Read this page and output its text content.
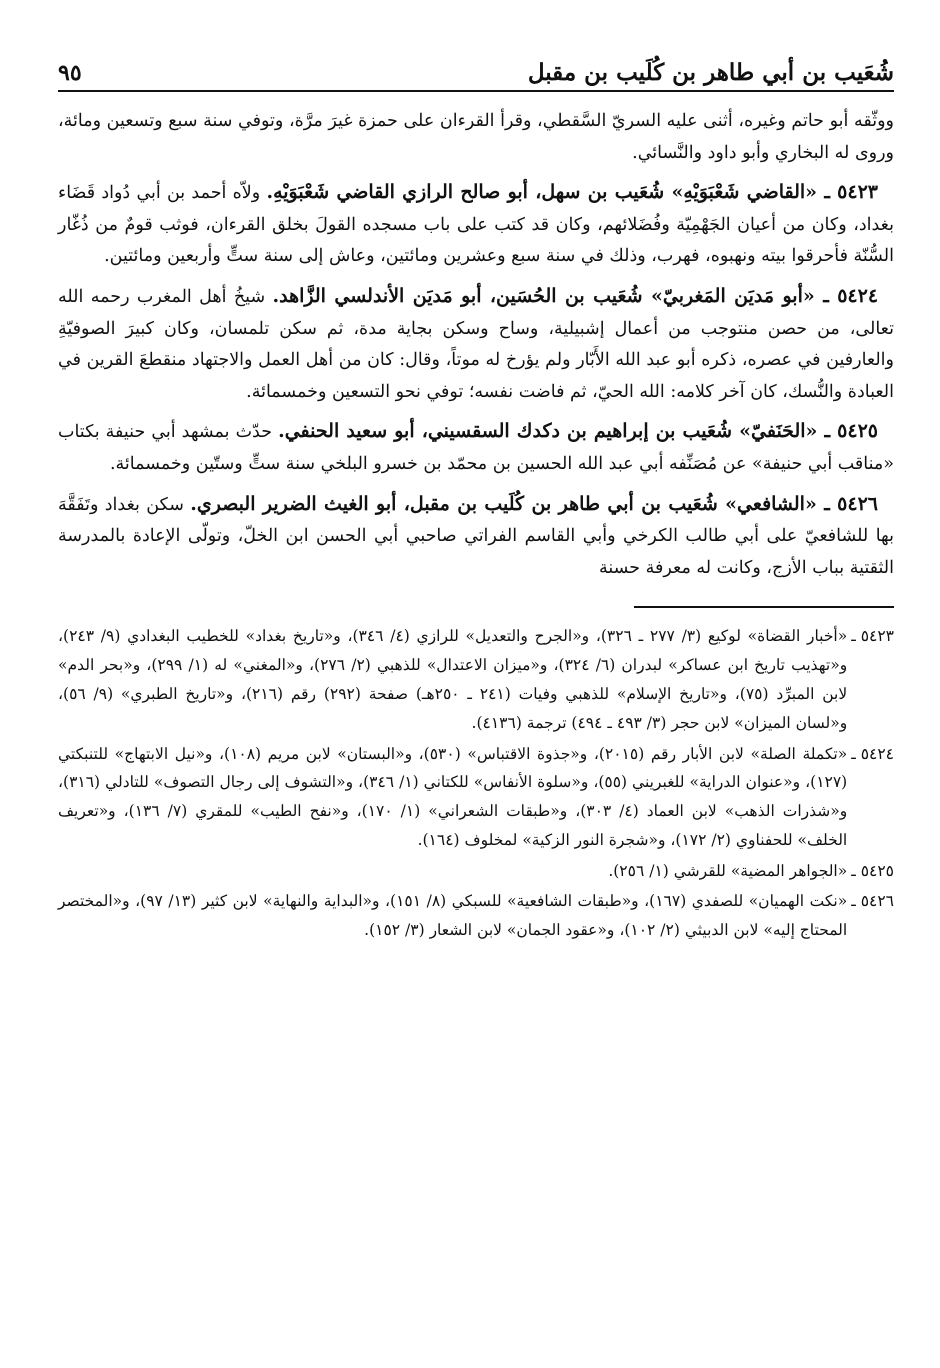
شُعَيب بن أبي طاهر بن كُلَيب بن مقبل
٩٥

ووثّقه أبو حاتم وغيره، أثنى عليه السريّ السَّقطي، وقرأ القرءان على حمزة غيرَ مرَّة، وتوفي سنة سبع وتسعين ومائة، وروى له البخاري وأبو داود والنَّسائي.

٥٤٢٣ ـ «القاضي شَعْبَوَيْهِ» شُعَيب بن سهل، أبو صالح الرازي القاضي شَعْبَوَيْهِ. ولاّه أحمد بن أبي دُواد قَضَاء بغداد، وكان من أعيان الجَهْمِيّة وفُضَلائهم، وكان قد كتب على باب مسجده القولَ بخلق القرءان، فوثب قومٌ من ذُغّار السُّنّة فأحرقوا بيته ونهبوه، فهرب، وذلك في سنة سبع وعشرين ومائتين، وعاش إلى سنة ستٍّ وأربعين ومائتين.

٥٤٢٤ ـ «أبو مَديَن المَغربيّ» شُعَيب بن الحُسَين، أبو مَديَن الأندلسي الزَّاهد. شيخُ أهل المغرب رحمه الله تعالى، من حصن منتوجب من أعمال إشبيلية، وساح وسكن بجاية مدة، ثم سكن تلمسان، وكان كبيرَ الصوفيّةِ والعارفين في عصره، ذكره أبو عبد الله الأَبّار ولم يؤرخ له موتاً، وقال: كان من أهل العمل والاجتهاد منقطعَ القرين في العبادة والنُّسك، كان آخر كلامه: الله الحيّ، ثم فاضت نفسه؛ توفي نحو التسعين وخمسمائة.

٥٤٢٥ ـ «الحَنَفيّ» شُعَيب بن إبراهيم بن دكدك السقسيني، أبو سعيد الحنفي. حدّث بمشهد أبي حنيفة بكتاب «مناقب أبي حنيفة» عن مُصَنِّفه أبي عبد الله الحسين بن محمّد بن خسرو البلخي سنة ستٍّ وستّين وخمسمائة.

٥٤٢٦ ـ «الشافعي» شُعَيب بن أبي طاهر بن كُلَيب بن مقبل، أبو الغيث الضرير البصري. سكن بغداد وتَفَقَّهَ بها للشافعيّ على أبي طالب الكرخي وأبي القاسم الفراتي صاحبي أبي الحسن ابن الخلّ، وتولّى الإعادة بالمدرسة الثقتية بباب الأزج، وكانت له معرفة حسنة

٥٤٢٣ ـ
«أخبار القضاة» لوكيع (٣/ ٢٧٧ ـ ٣٢٦)، و«الجرح والتعديل» للرازي (٤/ ٣٤٦)، و«تاريخ بغداد» للخطيب البغدادي (٩/ ٢٤٣)، و«تهذيب تاريخ ابن عساكر» لبدران (٦/ ٣٢٤)، و«ميزان الاعتدال» للذهبي (٢/ ٢٧٦)، و«المغني» له (١/ ٢٩٩)، و«بحر الدم» لابن المبرِّد (٧٥)، و«تاريخ الإسلام» للذهبي وفيات (٢٤١ ـ ٢٥٠هـ) صفحة (٢٩٢) رقم (٢١٦)، و«تاريخ الطبري» (٩/ ٥٦)، و«لسان الميزان» لابن حجر (٣/ ٤٩٣ ـ ٤٩٤) ترجمة (٤١٣٦).
٥٤٢٤ ـ
«تكملة الصلة» لابن الأبار رقم (٢٠١٥)، و«جذوة الاقتباس» (٥٣٠)، و«البستان» لابن مريم (١٠٨)، و«نيل الابتهاج» للتنبكتي (١٢٧)، و«عنوان الدراية» للغبريني (٥٥)، و«سلوة الأنفاس» للكتاني (١/ ٣٤٦)، و«التشوف إلى رجال التصوف» للتادلي (٣١٦)، و«شذرات الذهب» لابن العماد (٤/ ٣٠٣)، و«طبقات الشعراني» (١/ ١٧٠)، و«نفح الطيب» للمقري (٧/ ١٣٦)، و«تعريف الخلف» للحفناوي (٢/ ١٧٢)، و«شجرة النور الزكية» لمخلوف (١٦٤).
٥٤٢٥ ـ
«الجواهر المضية» للقرشي (١/ ٢٥٦).
٥٤٢٦ ـ
«نكت الهميان» للصفدي (١٦٧)، و«طبقات الشافعية» للسبكي (٨/ ١٥١)، و«البداية والنهاية» لابن كثير (١٣/ ٩٧)، و«المختصر المحتاج إليه» لابن الدبيثي (٢/ ١٠٢)، و«عقود الجمان» لابن الشعار (٣/ ١٥٢).
